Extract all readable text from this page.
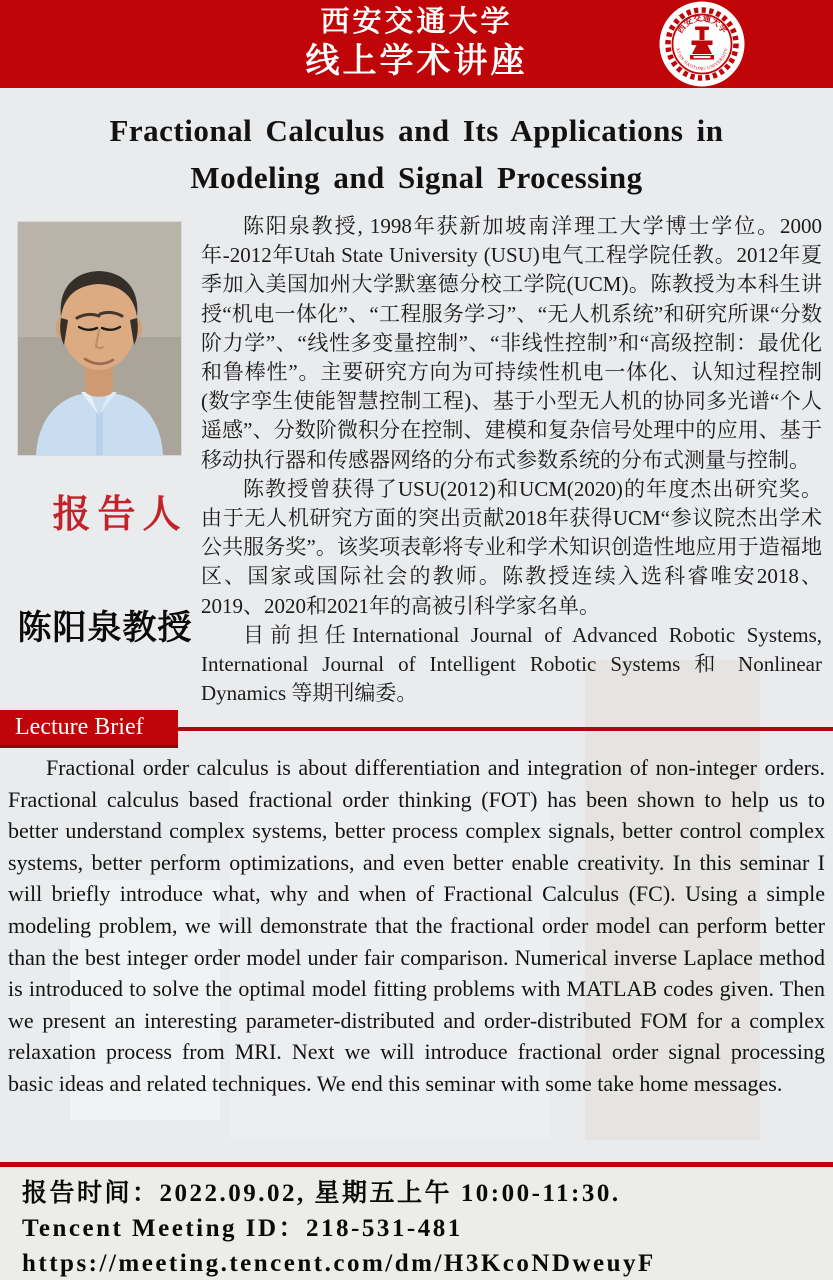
西安交通大学
线上学术讲座
西安交通大学
XI'AN JIAOTONG UNIVERSITY
Fractional Calculus and Its Applications in
Modeling and Signal Processing
报告人
陈阳泉教授

陈阳泉教授, 1998年获新加坡南洋理工大学博士学位。2000年-2012年Utah State University (USU)电气工程学院任教。2012年夏季加入美国加州大学默塞德分校工学院(UCM)。陈教授为本科生讲授“机电一体化”、“工程服务学习”、“无人机系统”和研究所课“分数阶力学”、“线性多变量控制”、“非线性控制”和“高级控制：最优化和鲁棒性”。主要研究方向为可持续性机电一体化、认知过程控制(数字孪生使能智慧控制工程)、基于小型无人机的协同多光谱“个人遥感”、分数阶微积分在控制、建模和复杂信号处理中的应用、基于移动执行器和传感器网络的分布式参数系统的分布式测量与控制。

陈教授曾获得了USU(2012)和UCM(2020)的年度杰出研究奖。由于无人机研究方面的突出贡献2018年获得UCM“参议院杰出学术公共服务奖”。该奖项表彰将专业和学术知识创造性地应用于造福地区、国家或国际社会的教师。陈教授连续入选科睿唯安2018、2019、2020和2021年的高被引科学家名单。

目前担任International Journal of Advanced Robotic Systems, International Journal of Intelligent Robotic Systems 和 Nonlinear Dynamics 等期刊编委。

Lecture Brief

Fractional order calculus is about differentiation and integration of non-integer orders. Fractional calculus based fractional order thinking (FOT) has been shown to help us to better understand complex systems, better process complex signals, better control complex systems, better perform optimizations, and even better enable creativity. In this seminar I will briefly introduce what, why and when of Fractional Calculus (FC). Using a simple modeling problem, we will demonstrate that the fractional order model can perform better than the best integer order model under fair comparison. Numerical inverse Laplace method is introduced to solve the optimal model fitting problems with MATLAB codes given. Then we present an interesting parameter-distributed and order-distributed FOM for a complex relaxation process from MRI. Next we will introduce fractional order signal processing basic ideas and related techniques. We end this seminar with some take home messages.

报告时间：2022.09.02, 星期五上午 10:00-11:30.
Tencent Meeting ID：218-531-481
https://meeting.tencent.com/dm/H3KcoNDweuyF
